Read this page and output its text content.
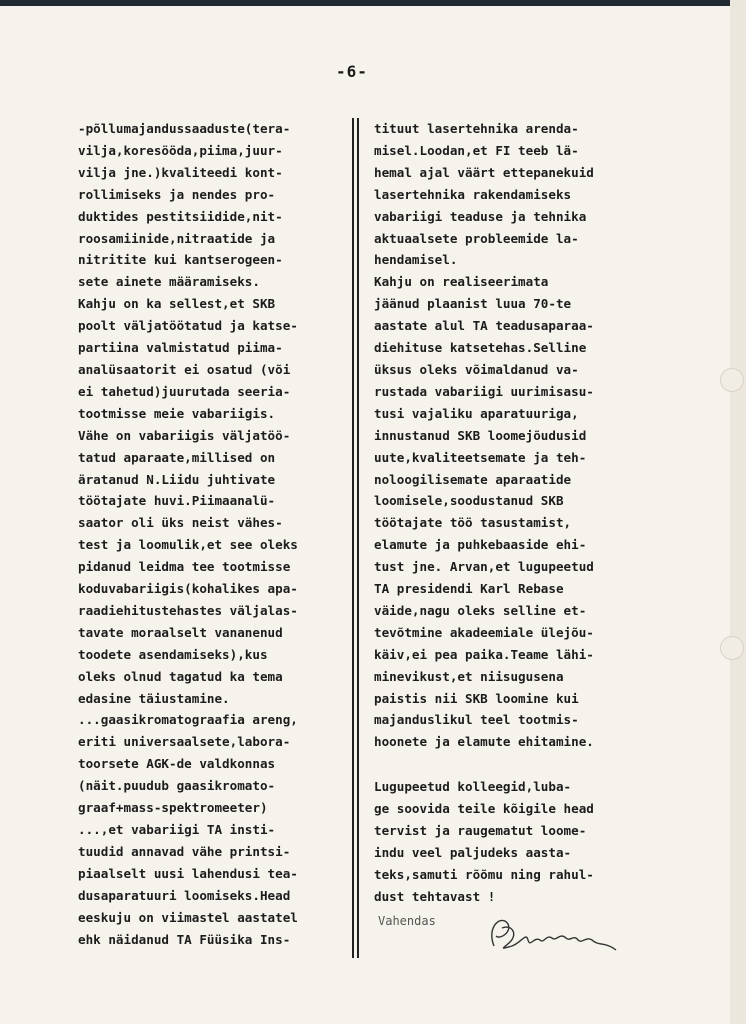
-6-
-põllumajandussaaduste(tera-
vilja,koresööda,piima,juur-
vilja jne.)kvaliteedi kont-
rollimiseks ja nendes pro-
duktides pestitsiidide,nit-
roosamiinide,nitraatide ja
nitritite kui kantserogeen-
sete ainete määramiseks.
Kahju on ka sellest,et SKB
poolt väljatöötatud ja katse-
partiina valmistatud piima-
analüsaatorit ei osatud (või
ei tahetud)juurutada seeria-
tootmisse meie vabariigis.
Vähe on vabariigis väljatöö-
tatud aparaate,millised on
äratanud N.Liidu juhtivate
töötajate huvi.Piimaanalü-
saator oli üks neist vähes-
test ja loomulik,et see oleks
pidanud leidma tee tootmisse
koduvabariigis(kohalikes apa-
raadiehitustehastes väljalas-
tavate moraalselt vananenud
toodete asendamiseks),kus
oleks olnud tagatud ka tema
edasine täiustamine.
...gaasikromatograafia areng,
eriti universaalsete,labora-
toorsete AGK-de valdkonnas
(näit.puudub gaasikromato-
graaf+mass-spektromeeter)
...,et vabariigi TA insti-
tuudid annavad vähe printsi-
piaalselt uusi lahendusi tea-
dusaparatuuri loomiseks.Head
eeskuju on viimastel aastatel
ehk näidanud TA Füüsika Ins-
tituut lasertehnika arenda-
misel.Loodan,et FI teeb lä-
hemal ajal väärt ettepanekuid
lasertehnika rakendamiseks
vabariigi teaduse ja tehnika
aktuaalsete probleemide la-
hendamisel.
Kahju on realiseerimata
jäänud plaanist luua 70-te
aastate alul TA teadusaparaa-
diehituse katsetehas.Selline
üksus oleks võimaldanud va-
rustada vabariigi uurimisasu-
tusi vajaliku aparatuuriga,
innustanud SKB loomejõudusid
uute,kvaliteetsemate ja teh-
noloogilisemate aparaatide
loomisele,soodustanud SKB
töötajate töö tasustamist,
elamute ja puhkebaaside ehi-
tust jne. Arvan,et lugupeetud
TA presidendi Karl Rebase
väide,nagu oleks selline et-
tevõtmine akadeemiale ülejõu-
käiv,ei pea paika.Teame lähi-
minevikust,et niisugusena
paistis nii SKB loomine kui
majanduslikul teel tootmis-
hoonete ja elamute ehitamine.
Lugupeetud kolleegid,luba-
ge soovida teile kõigile head
tervist ja raugematut loome-
indu veel paljudeks aasta-
teks,samuti rõõmu ning rahul-
dust tehtavast !
Vahendas
